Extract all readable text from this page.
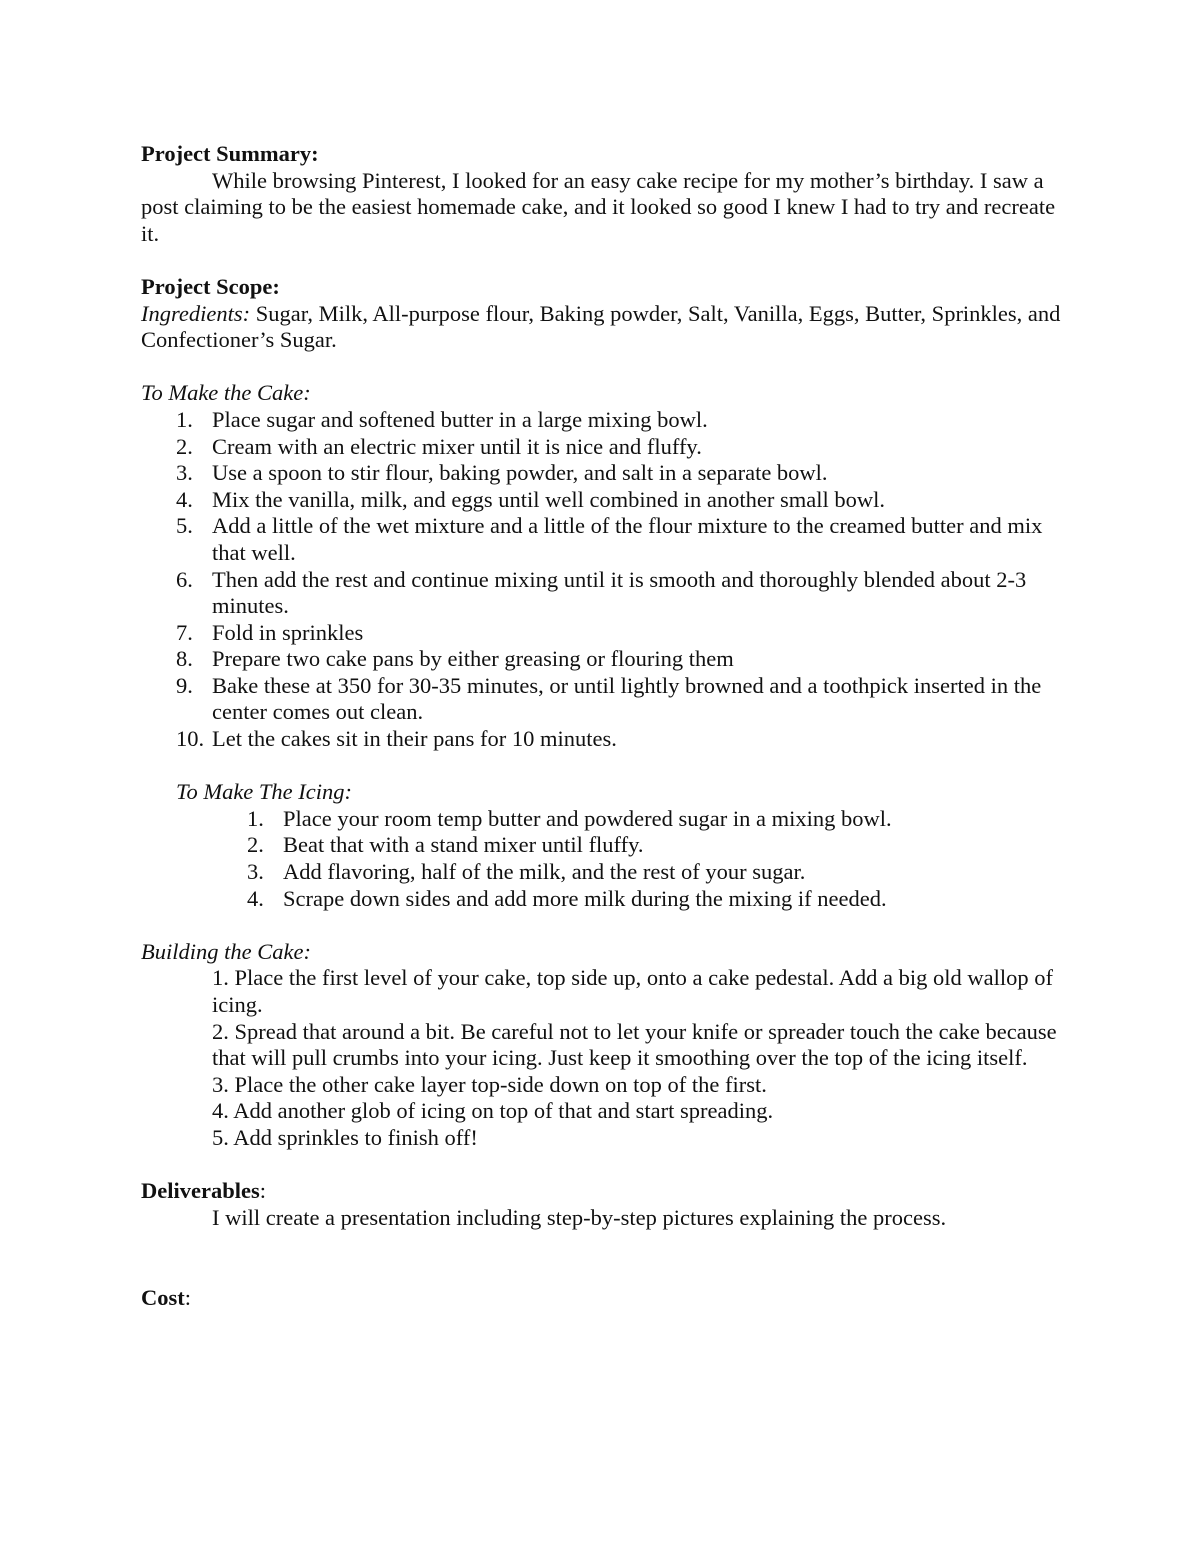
Project Summary:
While browsing Pinterest, I looked for an easy cake recipe for my mother’s birthday. I saw a post claiming to be the easiest homemade cake, and it looked so good I knew I had to try and recreate it.
Project Scope:
Ingredients: Sugar, Milk, All-purpose flour, Baking powder, Salt, Vanilla, Eggs, Butter, Sprinkles, and Confectioner’s Sugar.
To Make the Cake:
1. Place sugar and softened butter in a large mixing bowl.
2. Cream with an electric mixer until it is nice and fluffy.
3. Use a spoon to stir flour, baking powder, and salt in a separate bowl.
4. Mix the vanilla, milk, and eggs until well combined in another small bowl.
5. Add a little of the wet mixture and a little of the flour mixture to the creamed butter and mix that well.
6. Then add the rest and continue mixing until it is smooth and thoroughly blended about 2-3 minutes.
7. Fold in sprinkles
8. Prepare two cake pans by either greasing or flouring them
9. Bake these at 350 for 30-35 minutes, or until lightly browned and a toothpick inserted in the center comes out clean.
10. Let the cakes sit in their pans for 10 minutes.
To Make The Icing:
1. Place your room temp butter and powdered sugar in a mixing bowl.
2. Beat that with a stand mixer until fluffy.
3. Add flavoring, half of the milk, and the rest of your sugar.
4. Scrape down sides and add more milk during the mixing if needed.
Building the Cake:
1. Place the first level of your cake, top side up, onto a cake pedestal. Add a big old wallop of icing.
2. Spread that around a bit. Be careful not to let your knife or spreader touch the cake because that will pull crumbs into your icing. Just keep it smoothing over the top of the icing itself.
3. Place the other cake layer top-side down on top of the first.
4. Add another glob of icing on top of that and start spreading.
5. Add sprinkles to finish off!
Deliverables:
I will create a presentation including step-by-step pictures explaining the process.
Cost:
